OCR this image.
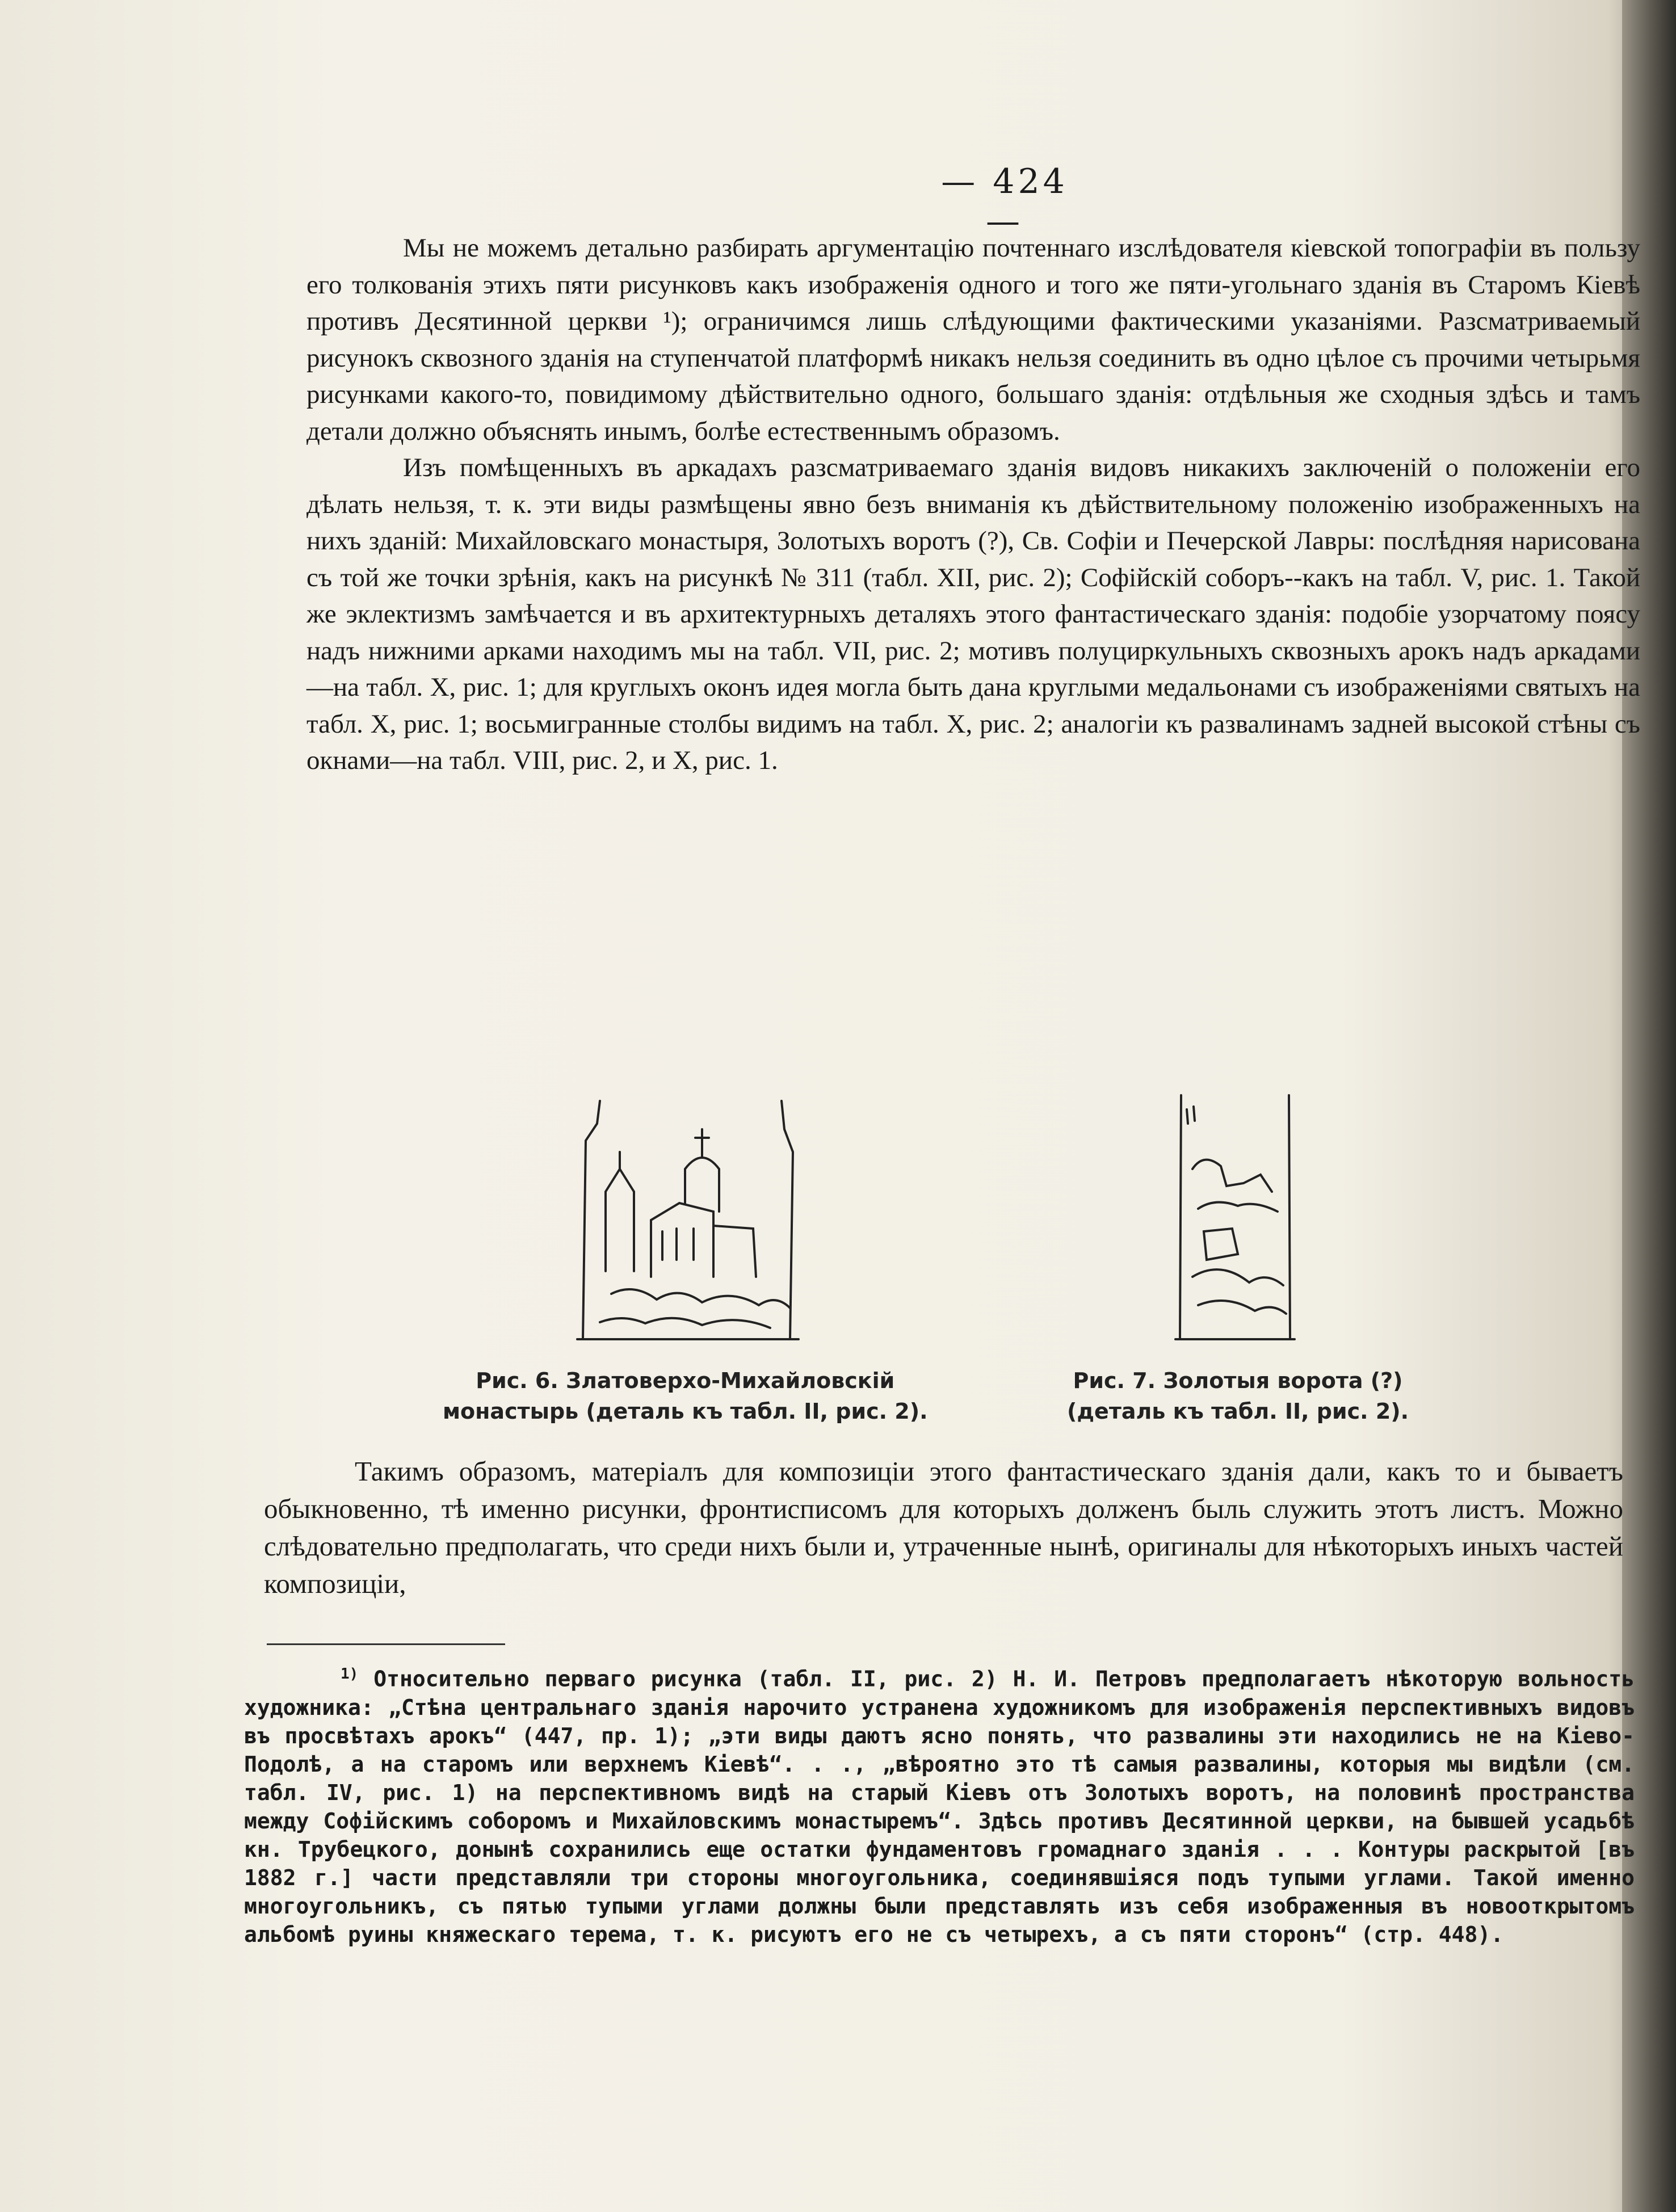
— 424 —

Мы не можемъ детально разбирать аргументацію почтеннаго изслѣдователя кіевской топографіи въ пользу его толкованія этихъ пяти рисунковъ какъ изображенія одного и того же пяти-угольнаго зданія въ Старомъ Кіевѣ противъ Десятинной церкви ¹); ограничимся лишь слѣдующими фактическими указаніями. Разсматриваемый рисунокъ сквозного зданія на ступенчатой платформѣ никакъ нельзя соединить въ одно цѣлое съ прочими четырьмя рисунками какого-то, повидимому дѣйствительно одного, большаго зданія: отдѣльныя же сходныя здѣсь и тамъ детали должно объяснять инымъ, болѣе естественнымъ образомъ.

Изъ помѣщенныхъ въ аркадахъ разсматриваемаго зданія видовъ никакихъ заключеній о положеніи его дѣлать нельзя, т. к. эти виды размѣщены явно безъ вниманія къ дѣйствительному положенію изображенныхъ на нихъ зданій: Михайловскаго монастыря, Золотыхъ воротъ (?), Св. Софіи и Печерской Лавры: послѣдняя нарисована съ той же точки зрѣнія, какъ на рисункѣ № 311 (табл. XII, рис. 2); Софійскій соборъ--какъ на табл. V, рис. 1. Такой же эклектизмъ замѣчается и въ архитектурныхъ деталяхъ этого фантастическаго зданія: подобіе узорчатому поясу надъ нижними арками находимъ мы на табл. VII, рис. 2; мотивъ полуциркульныхъ сквозныхъ арокъ надъ аркадами—на табл. X, рис. 1; для круглыхъ оконъ идея могла быть дана круглыми медальонами съ изображеніями святыхъ на табл. X, рис. 1; восьмигранные столбы видимъ на табл. X, рис. 2; аналогіи къ развалинамъ задней высокой стѣны съ окнами—на табл. VIII, рис. 2, и X, рис. 1.

Рис. 6. Златоверхо-Михайловскій
монастырь (деталь къ табл. II, рис. 2).
Рис. 7. Золотыя ворота (?)
(деталь къ табл. II, рис. 2).

Такимъ образомъ, матеріалъ для композиціи этого фантастическаго зданія дали, какъ то и бываетъ обыкновенно, тѣ именно рисунки, фронтисписомъ для которыхъ долженъ быль служить этотъ листъ. Можно слѣдовательно предполагать, что среди нихъ были и, утраченные нынѣ, оригиналы для нѣкоторыхъ иныхъ частей композиціи,

$^{1)}$ Относительно перваго рисунка (табл. II, рис. 2) Н. И. Петровъ предполагаетъ нѣкоторую вольность художника: „Стѣна центральнаго зданія нарочито устранена художникомъ для изображенія перспективныхъ видовъ въ просвѣтахъ арокъ“ (447, пр. 1); „эти виды даютъ ясно понять, что развалины эти находились не на Кіево-Подолѣ, а на старомъ или верхнемъ Кіевѣ“. . ., „вѣроятно это тѣ самыя развалины, которыя мы видѣли (см. табл. IV, рис. 1) на перспективномъ видѣ на старый Кіевъ отъ Золотыхъ воротъ, на половинѣ пространства между Софійскимъ соборомъ и Михайловскимъ монастыремъ“. Здѣсь противъ Десятинной церкви, на бывшей усадьбѣ кн. Трубецкого, донынѣ сохранились еще остатки фундаментовъ громаднаго зданія . . . Контуры раскрытой [въ 1882 г.] части представляли три стороны многоугольника, соединявшіяся подъ тупыми углами. Такой именно многоугольникъ, съ пятью тупыми углами должны были представлять изъ себя изображенныя въ новооткрытомъ альбомѣ руины княжескаго терема, т. к. рисуютъ его не съ четырехъ, а съ пяти сторонъ“ (стр. 448).
